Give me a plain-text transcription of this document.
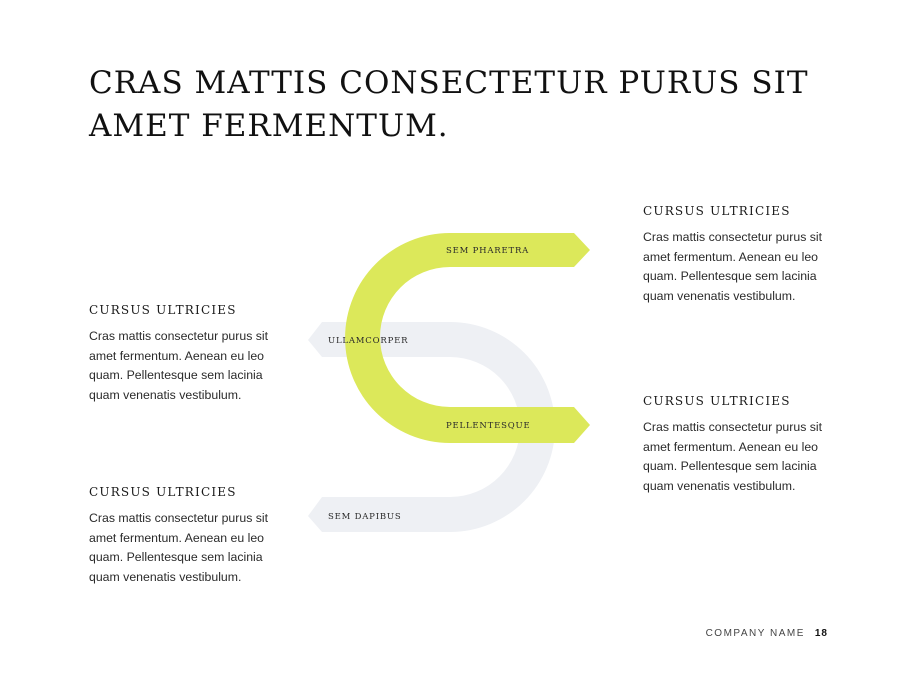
CRAS MATTIS CONSECTETUR PURUS SIT AMET FERMENTUM.
SEM PHARETRA
ULLAMCORPER
PELLENTESQUE
SEM DAPIBUS
CURSUS ULTRICIES

Cras mattis consectetur purus sit amet fermentum. Aenean eu leo quam. Pellentesque sem lacinia quam venenatis vestibulum.

CURSUS ULTRICIES

Cras mattis consectetur purus sit amet fermentum. Aenean eu leo quam. Pellentesque sem lacinia quam venenatis vestibulum.

CURSUS ULTRICIES

Cras mattis consectetur purus sit amet fermentum. Aenean eu leo quam. Pellentesque sem lacinia quam venenatis vestibulum.

CURSUS ULTRICIES

Cras mattis consectetur purus sit amet fermentum. Aenean eu leo quam. Pellentesque sem lacinia quam venenatis vestibulum.

COMPANY NAME 18
